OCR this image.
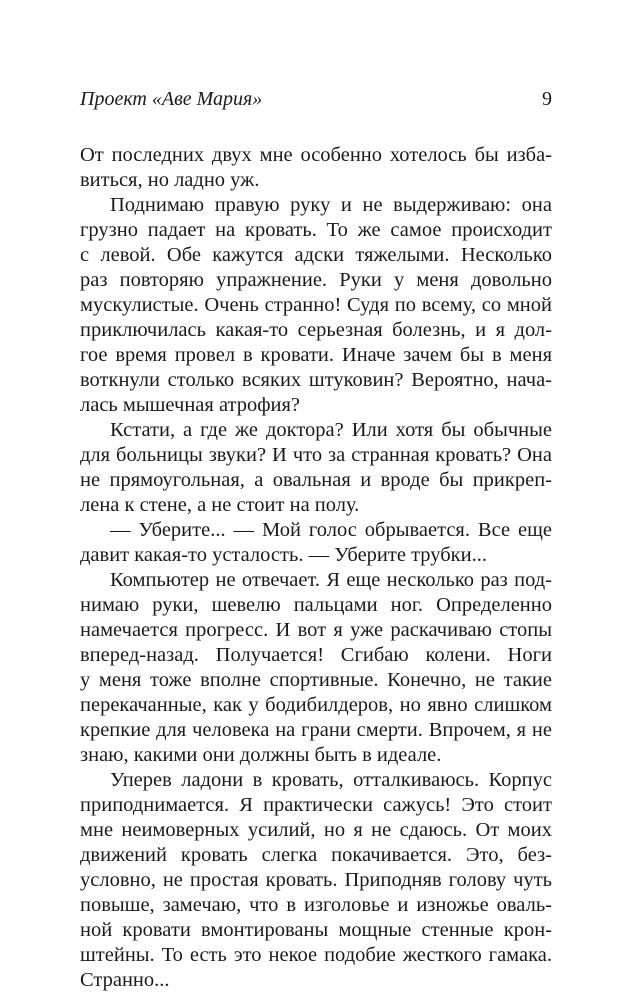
Проект «Аве Мария»	9
От последних двух мне особенно хотелось бы изба-
виться, но ладно уж.
Поднимаю правую руку и не выдерживаю: она
грузно падает на кровать. То же самое происходит
с левой. Обе кажутся адски тяжелыми. Несколько
раз повторяю упражнение. Руки у меня довольно
мускулистые. Очень странно! Судя по всему, со мной
приключилась какая-то серьезная болезнь, и я дол-
гое время провел в кровати. Иначе зачем бы в меня
воткнули столько всяких штуковин? Вероятно, нача-
лась мышечная атрофия?
Кстати, а где же доктора? Или хотя бы обычные
для больницы звуки? И что за странная кровать? Она
не прямоугольная, а овальная и вроде бы прикреп-
лена к стене, а не стоит на полу.
— Уберите... — Мой голос обрывается. Все еще
давит какая-то усталость. — Уберите трубки...
Компьютер не отвечает. Я еще несколько раз под-
нимаю руки, шевелю пальцами ног. Определенно
намечается прогресс. И вот я уже раскачиваю стопы
вперед-назад. Получается! Сгибаю колени. Ноги
у меня тоже вполне спортивные. Конечно, не такие
перекачанные, как у бодибилдеров, но явно слишком
крепкие для человека на грани смерти. Впрочем, я не
знаю, какими они должны быть в идеале.
Уперев ладони в кровать, отталкиваюсь. Корпус
приподнимается. Я практически сажусь! Это стоит
мне неимоверных усилий, но я не сдаюсь. От моих
движений кровать слегка покачивается. Это, без-
условно, не простая кровать. Приподняв голову чуть
повыше, замечаю, что в изголовье и изножье оваль-
ной кровати вмонтированы мощные стенные крон-
штейны. То есть это некое подобие жесткого гамака.
Странно...
